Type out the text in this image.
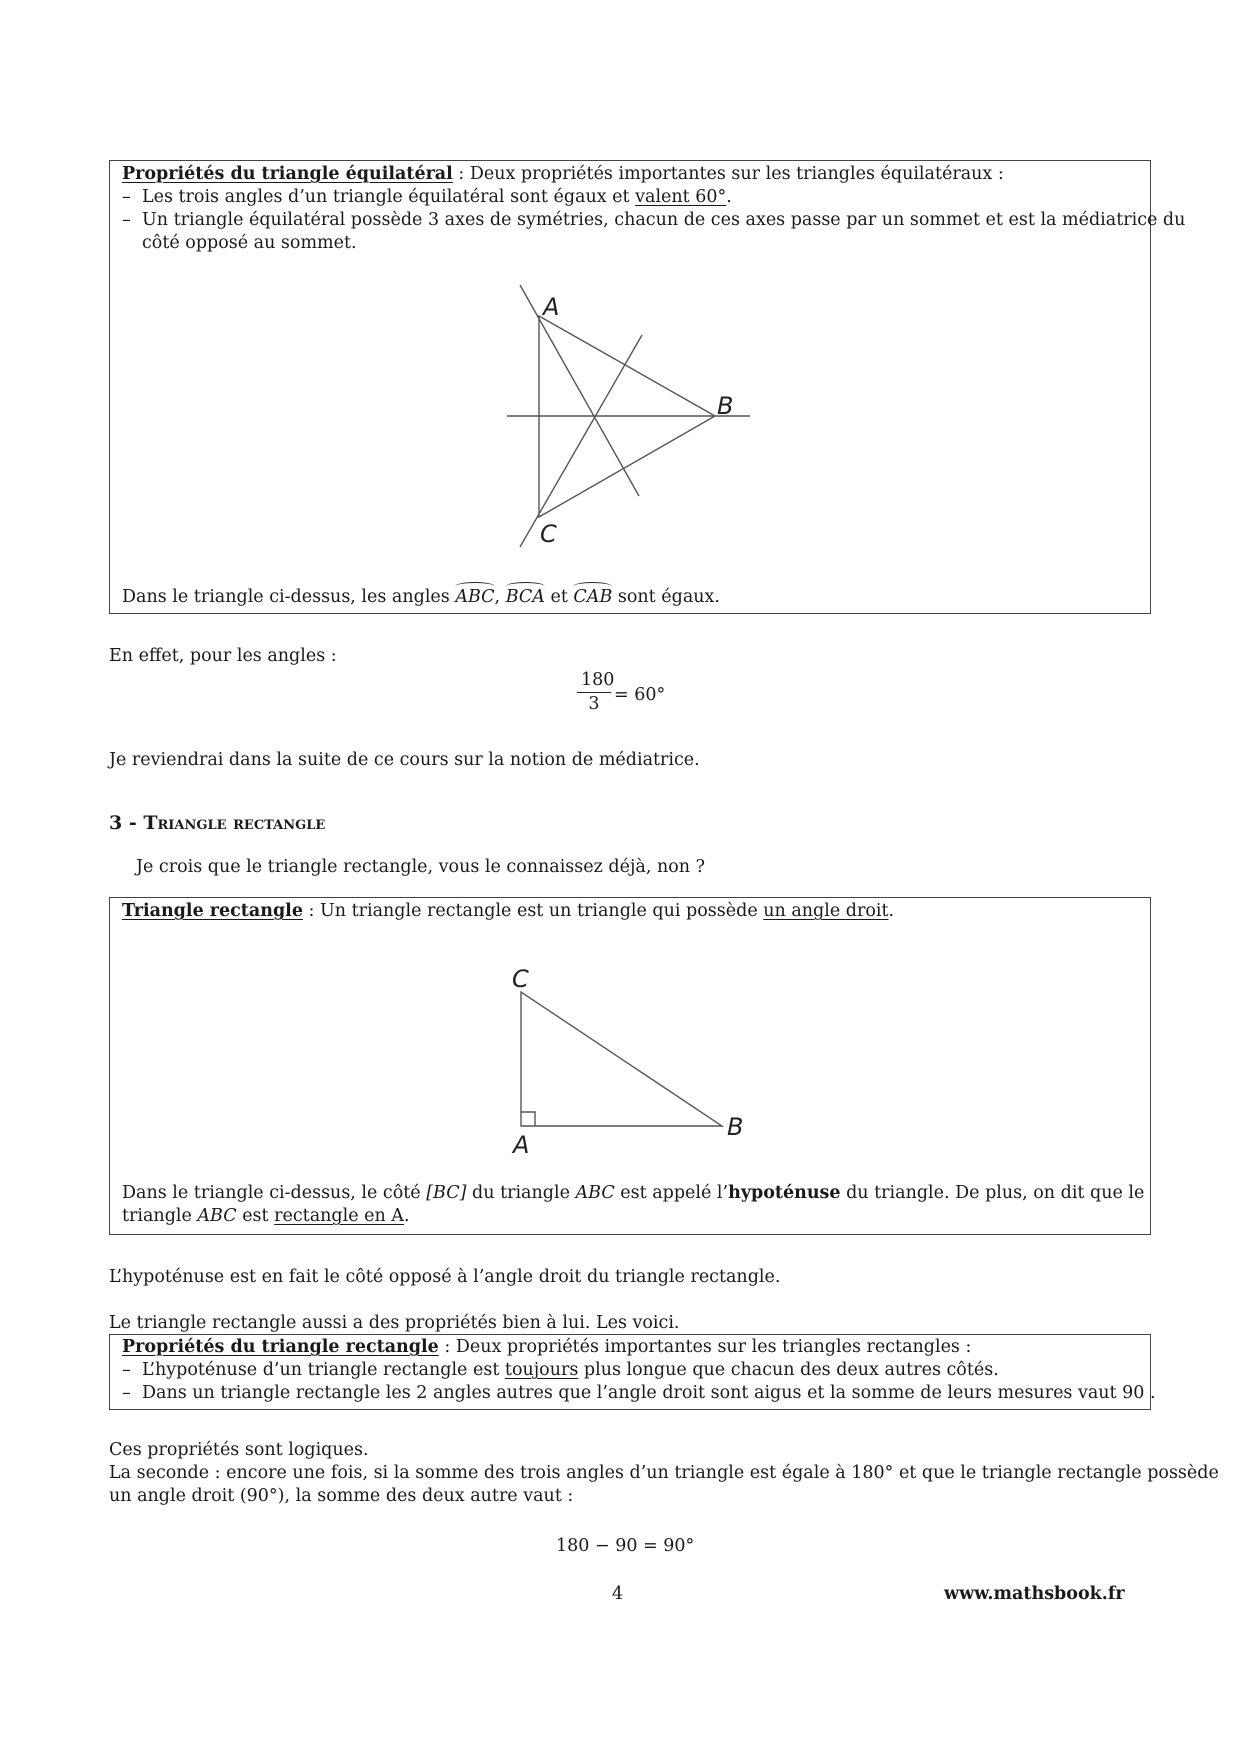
Propriétés du triangle équilatéral : Deux propriétés importantes sur les triangles équilatéraux :
– Les trois angles d’un triangle équilatéral sont égaux et valent 60°.
– Un triangle équilatéral possède 3 axes de symétries, chacun de ces axes passe par un sommet et est la médiatrice du
côté opposé au sommet.
A
B
C
Dans le triangle ci-dessus, les angles ABC, BCA et CAB sont égaux.
En effet, pour les angles :
$\frac{180}{3} = 60^\circ$
Je reviendrai dans la suite de ce cours sur la notion de médiatrice.
3 - Triangle rectangle
Je crois que le triangle rectangle, vous le connaissez déjà, non ?
Triangle rectangle : Un triangle rectangle est un triangle qui possède un angle droit.
C
A
B
Dans le triangle ci-dessus, le côté [BC] du triangle ABC est appelé l’hypoténuse du triangle. De plus, on dit que le
triangle ABC est rectangle en A.
L’hypoténuse est en fait le côté opposé à l’angle droit du triangle rectangle.
Le triangle rectangle aussi a des propriétés bien à lui. Les voici.
Propriétés du triangle rectangle : Deux propriétés importantes sur les triangles rectangles :
– L’hypoténuse d’un triangle rectangle est toujours plus longue que chacun des deux autres côtés.
– Dans un triangle rectangle les 2 angles autres que l’angle droit sont aigus et la somme de leurs mesures vaut 90 .
Ces propriétés sont logiques.
La seconde : encore une fois, si la somme des trois angles d’un triangle est égale à 180° et que le triangle rectangle possède
un angle droit (90°), la somme des deux autre vaut :
180 − 90 = 90°
4	www.mathsbook.fr
